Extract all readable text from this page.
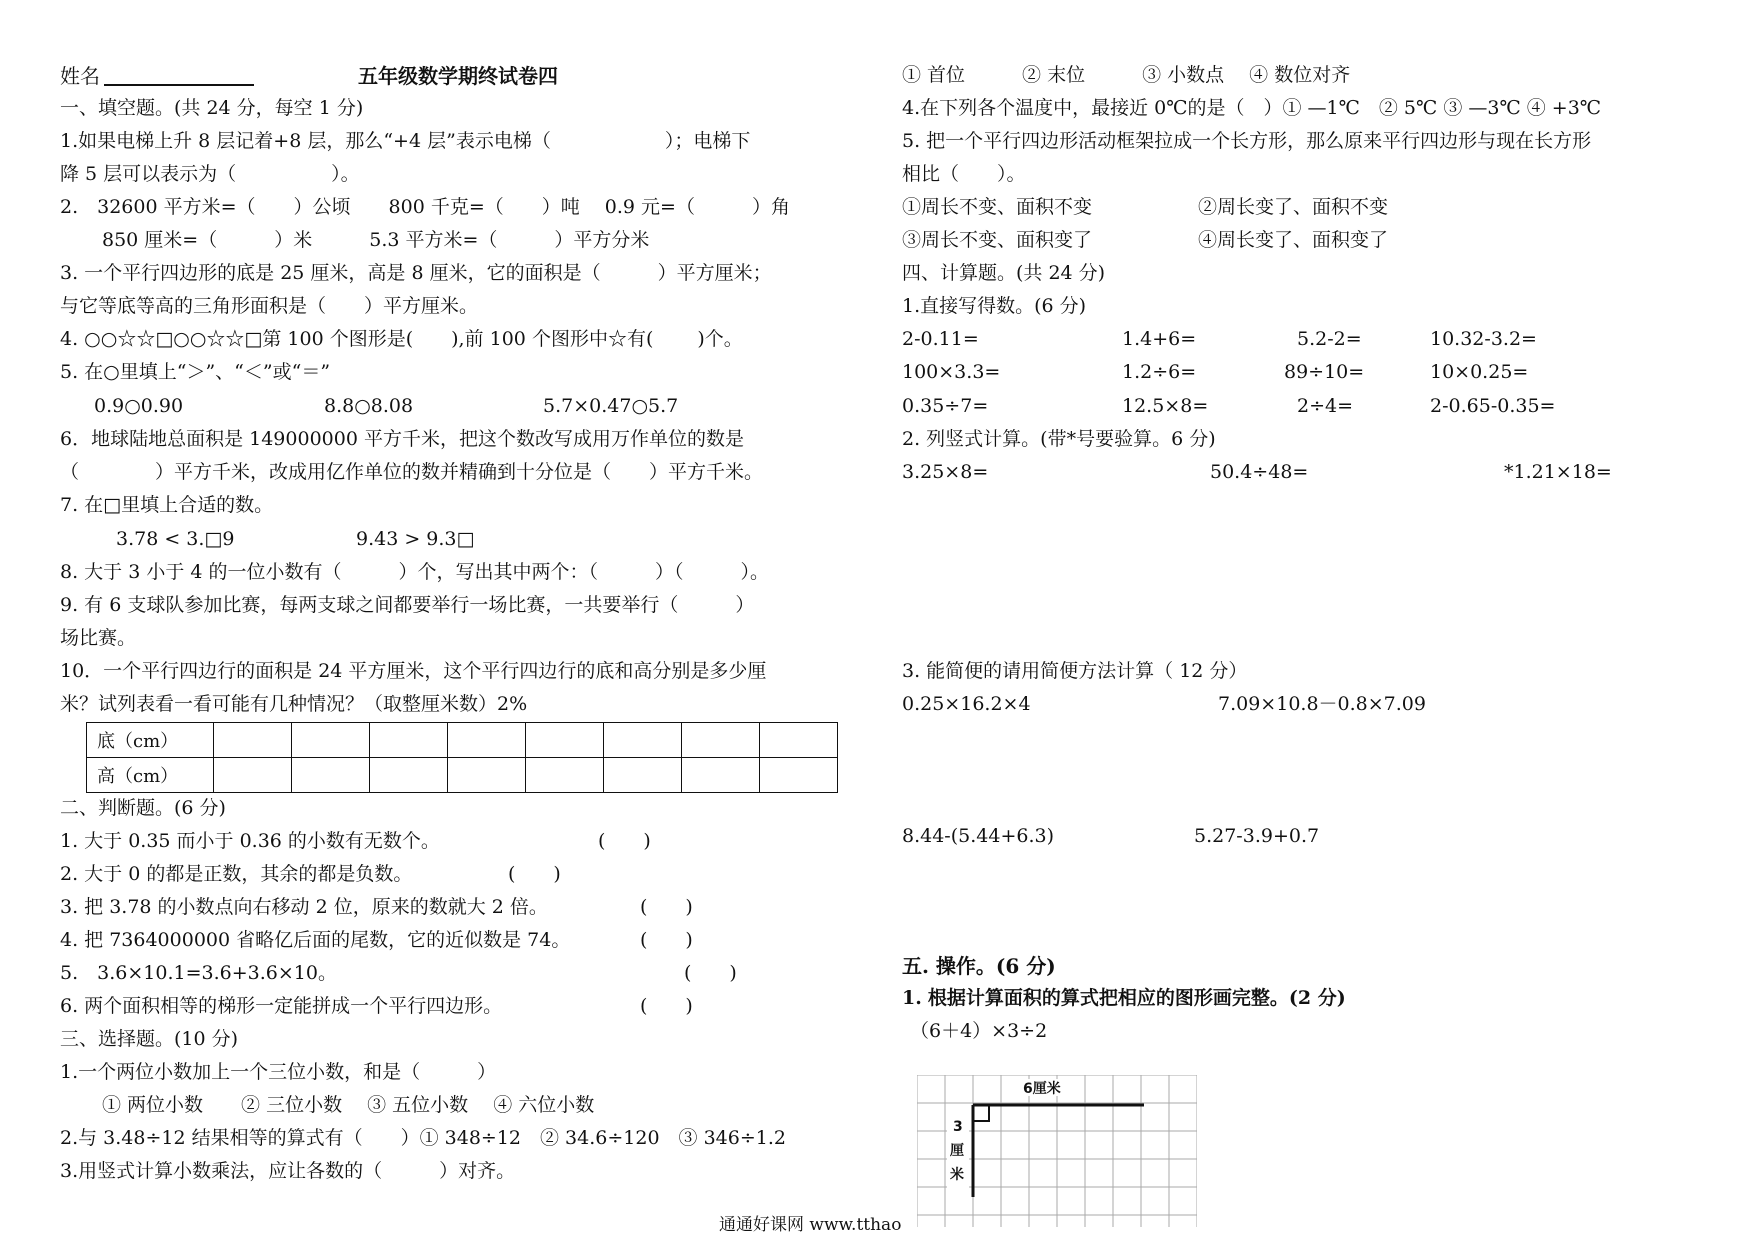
姓名	五年级数学期终试卷四
一、填空题。(共 24 分，每空 1 分)
1.如果电梯上升 8 层记着+8 层，那么“+4 层”表示电梯（　　　　　　）；电梯下
降 5 层可以表示为（　　　　　）。
2.　32600 平方米=（　　）公顷　　800 千克=（　　）吨　 0.9 元=（　　　）角
850 厘米=（　　　）米　　　5.3 平方米=（　　　）平方分米
3. 一个平行四边形的底是 25 厘米，高是 8 厘米，它的面积是（　　　）平方厘米；
与它等底等高的三角形面积是（　　）平方厘米。
4. ○○☆☆□○○☆☆□第 100 个图形是(　　),前 100 个图形中☆有(　　 )个。
5. 在○里填上“＞”、“＜”或“＝”
0.9○0.90	8.8○8.08	5.7×0.47○5.7
6．地球陆地总面积是 149000000 平方千米，把这个数改写成用万作单位的数是
（　　　　）平方千米，改成用亿作单位的数并精确到十分位是（　　）平方千米。
7. 在□里填上合适的数。
3.78 < 3.□9	9.43 > 9.3□
8. 大于 3 小于 4 的一位小数有（　　　）个，写出其中两个：（　　　）（　　　）。
9. 有 6 支球队参加比赛，每两支球之间都要举行一场比赛，一共要举行（　　　）
场比赛。
10．一个平行四边行的面积是 24 平方厘米，这个平行四边行的底和高分别是多少厘
米？试列表看一看可能有几种情况？（取整厘米数）2%
底（cm）								
高（cm）								
二、判断题。(6 分)
1. 大于 0.35 而小于 0.36 的小数有无数个。	(　　)
2. 大于 0 的都是正数，其余的都是负数。	(　　)
3. 把 3.78 的小数点向右移动 2 位，原来的数就大 2 倍。	(　　)
4. 把 7364000000 省略亿后面的尾数，它的近似数是 74。	(　　)
5.　3.6×10.1=3.6+3.6×10。	(　　)
6. 两个面积相等的梯形一定能拼成一个平行四边形。	(　　)
三、选择题。(10 分)
1.一个两位小数加上一个三位小数，和是（　　　）
① 两位小数　　② 三位小数　 ③ 五位小数　 ④ 六位小数
2.与 3.48÷12 结果相等的算式有（　　）① 348÷12　② 34.6÷120　③ 346÷1.2
3.用竖式计算小数乘法，应让各数的（　　　）对齐。
① 首位　　　② 末位　　　③ 小数点　 ④ 数位对齐
4.在下列各个温度中，最接近 0℃的是（　）① —1℃　② 5℃ ③ —3℃ ④ +3℃
5. 把一个平行四边形活动框架拉成一个长方形，那么原来平行四边形与现在长方形
相比（　　）。
①周长不变、面积不变	②周长变了、面积不变
③周长不变、面积变了	④周长变了、面积变了
四、计算题。(共 24 分)
1.直接写得数。(6 分)
2-0.11=	1.4+6=	5.2-2=	10.32-3.2=
100×3.3=	1.2÷6=	89÷10=	10×0.25=
0.35÷7=	12.5×8=	2÷4=	2-0.65-0.35=
2. 列竖式计算。(带*号要验算。6 分)
3.25×8=	50.4÷48=	*1.21×18=
3. 能简便的请用简便方法计算（ 12 分）
0.25×16.2×4	7.09×10.8－0.8×7.09
8.44-(5.44+6.3)	5.27-3.9+0.7
五. 操作。(6 分)
1. 根据计算面积的算式把相应的图形画完整。(2 分)
（6＋4）×3÷2
6厘米
3
厘
米
通通好课网 www.tthao
